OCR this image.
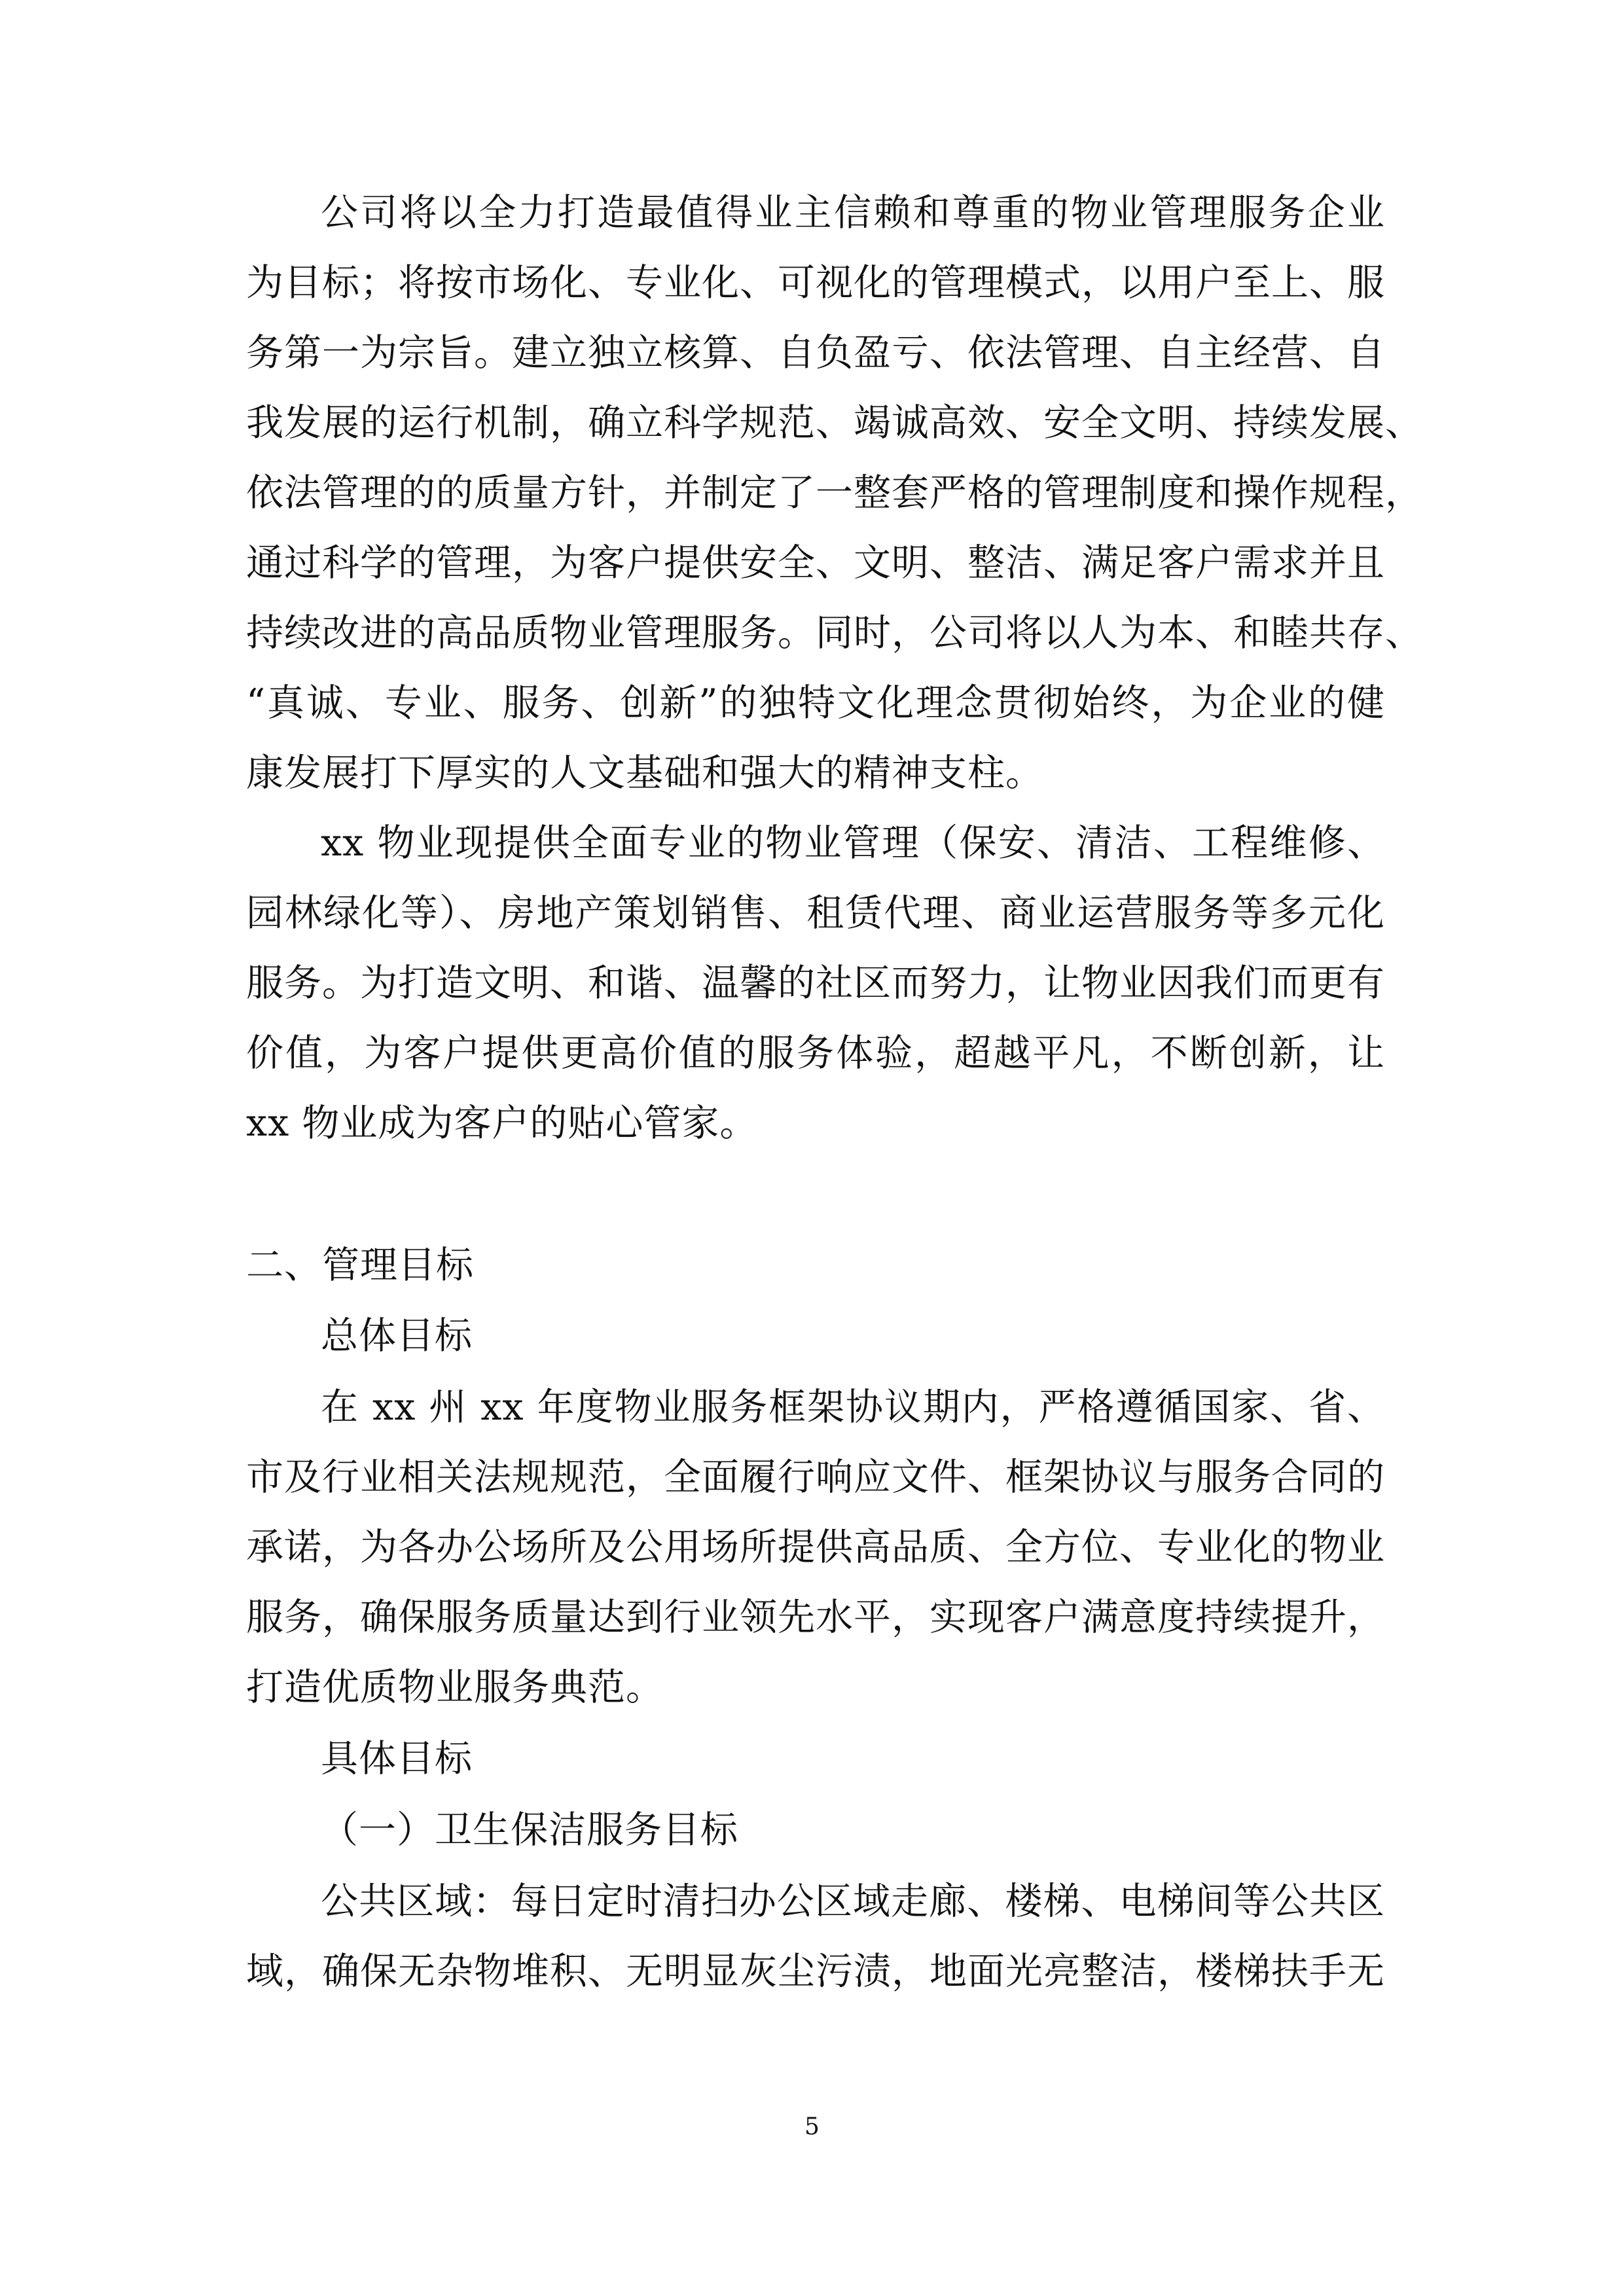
公司将以全力打造最值得业主信赖和尊重的物业管理服务企业
为目标；将按市场化、专业化、可视化的管理模式，以用户至上、服
务第一为宗旨。建立独立核算、自负盈亏、依法管理、自主经营、自
我发展的运行机制，确立科学规范、竭诚高效、安全文明、持续发展、
依法管理的的质量方针，并制定了一整套严格的管理制度和操作规程，
通过科学的管理，为客户提供安全、文明、整洁、满足客户需求并且
持续改进的高品质物业管理服务。同时，公司将以人为本、和睦共存、
“真诚、专业、服务、创新”的独特文化理念贯彻始终，为企业的健
康发展打下厚实的人文基础和强大的精神支柱。
xx 物业现提供全面专业的物业管理（保安、清洁、工程维修、
园林绿化等）、房地产策划销售、租赁代理、商业运营服务等多元化
服务。为打造文明、和谐、温馨的社区而努力，让物业因我们而更有
价值，为客户提供更高价值的服务体验，超越平凡，不断创新，让
xx 物业成为客户的贴心管家。
二、管理目标
总体目标
在 xx 州 xx 年度物业服务框架协议期内，严格遵循国家、省、
市及行业相关法规规范，全面履行响应文件、框架协议与服务合同的
承诺，为各办公场所及公用场所提供高品质、全方位、专业化的物业
服务，确保服务质量达到行业领先水平，实现客户满意度持续提升，
打造优质物业服务典范。
具体目标
（一）卫生保洁服务目标
公共区域：每日定时清扫办公区域走廊、楼梯、电梯间等公共区
域，确保无杂物堆积、无明显灰尘污渍，地面光亮整洁，楼梯扶手无
5
